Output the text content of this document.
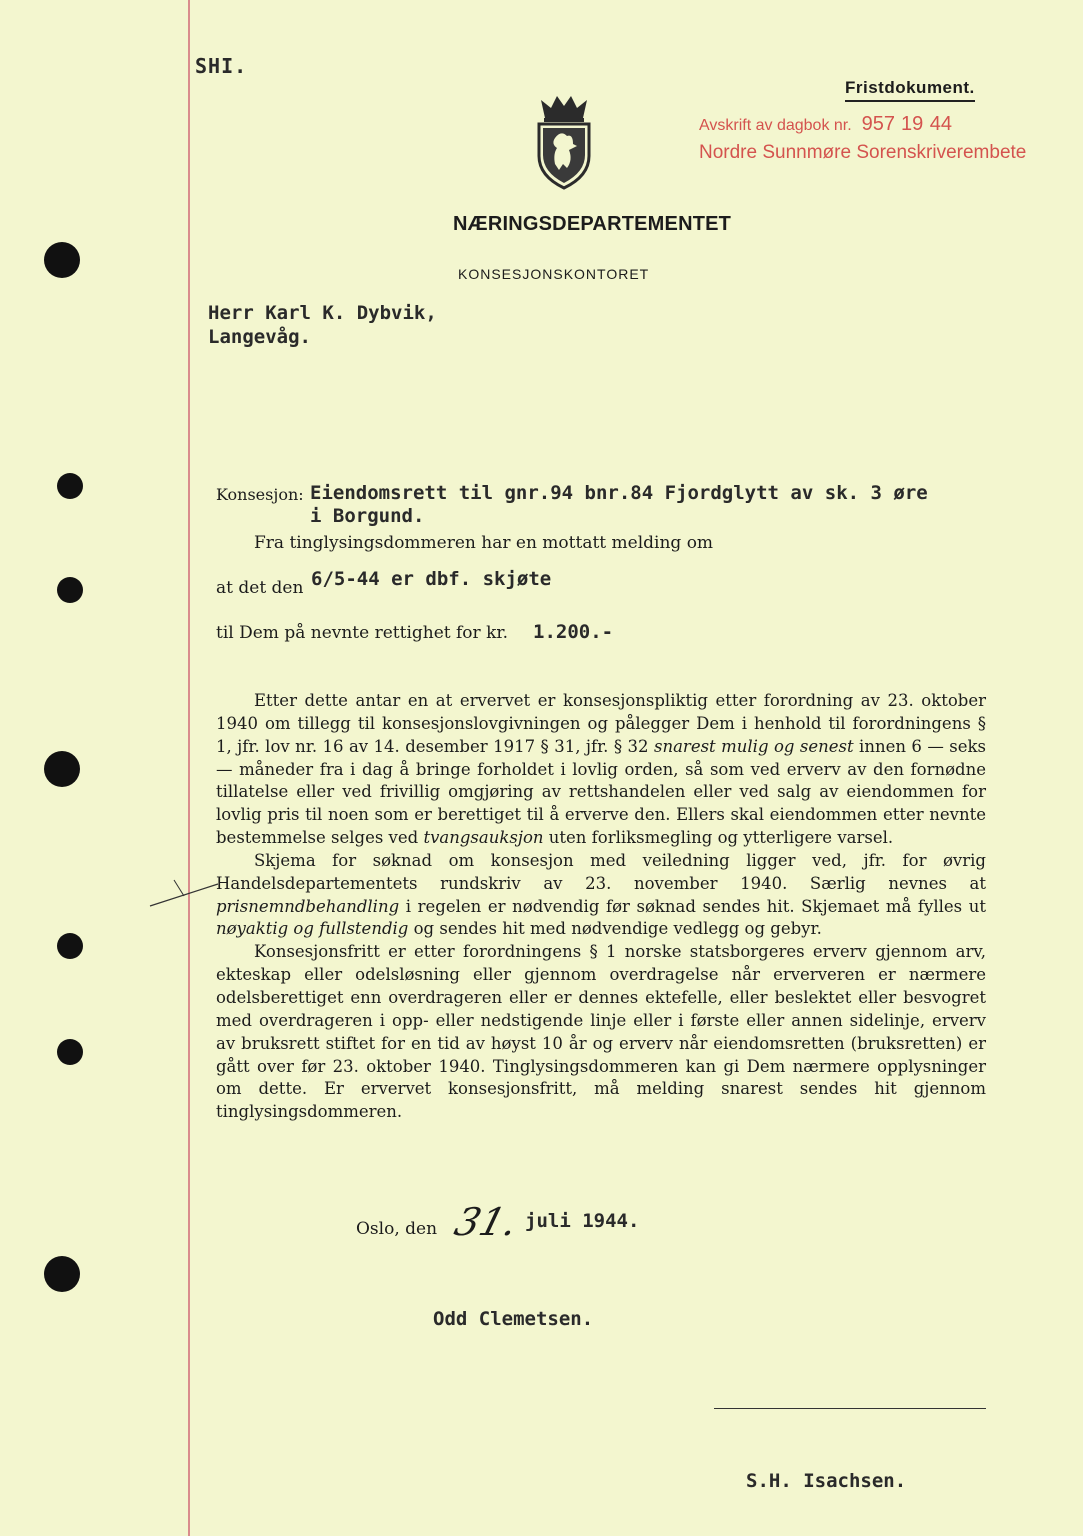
SHI.
Fristdokument.
Avskrift av dagbok nr. 957 19 44
Nordre Sunnmøre Sorenskriverembete
NÆRINGSDEPARTEMENTET
KONSESJONSKONTORET
Herr Karl K. Dybvik,
Langevåg.
Konsesjon: Eiendomsrett til gnr.94 bnr.84 Fjordglytt av sk. 3 øre
i Borgund.
Fra tinglysingsdommeren har en mottatt melding om
at det den 6/5-44 er dbf. skjøte
til Dem på nevnte rettighet for kr. 1.200.-

Etter dette antar en at ervervet er konsesjonspliktig etter forordning av 23. oktober 1940 om tillegg til konsesjonslovgivningen og pålegger Dem i henhold til forordningens § 1, jfr. lov nr. 16 av 14. desember 1917 § 31, jfr. § 32 snarest mulig og senest innen 6 — seks — måneder fra i dag å bringe forholdet i lovlig orden, så som ved erverv av den fornødne tillatelse eller ved frivillig omgjøring av rettshandelen eller ved salg av eiendommen for lovlig pris til noen som er berettiget til å erverve den. Ellers skal eiendommen etter nevnte bestemmelse selges ved tvangsauksjon uten forliksmegling og ytterligere varsel.

Skjema for søknad om konsesjon med veiledning ligger ved, jfr. for øvrig Handelsdepartementets rundskriv av 23. november 1940. Særlig nevnes at prisnemndbehandling i regelen er nødvendig før søknad sendes hit. Skjemaet må fylles ut nøyaktig og fullstendig og sendes hit med nødvendige vedlegg og gebyr.

Konsesjonsfritt er etter forordningens § 1 norske statsborgeres erverv gjennom arv, ekteskap eller odelsløsning eller gjennom overdragelse når erververen er nærmere odelsberettiget enn overdrageren eller er dennes ektefelle, eller beslektet eller besvogret med overdrageren i opp- eller nedstigende linje eller i første eller annen sidelinje, erverv av bruksrett stiftet for en tid av høyst 10 år og erverv når eiendomsretten (bruksretten) er gått over før 23. oktober 1940. Tinglysingsdommeren kan gi Dem nærmere opplysninger om dette. Er ervervet konsesjonsfritt, må melding snarest sendes hit gjennom tinglysingsdommeren.

Oslo, den 31. juli 1944.
Odd Clemetsen.
S.H. Isachsen.
